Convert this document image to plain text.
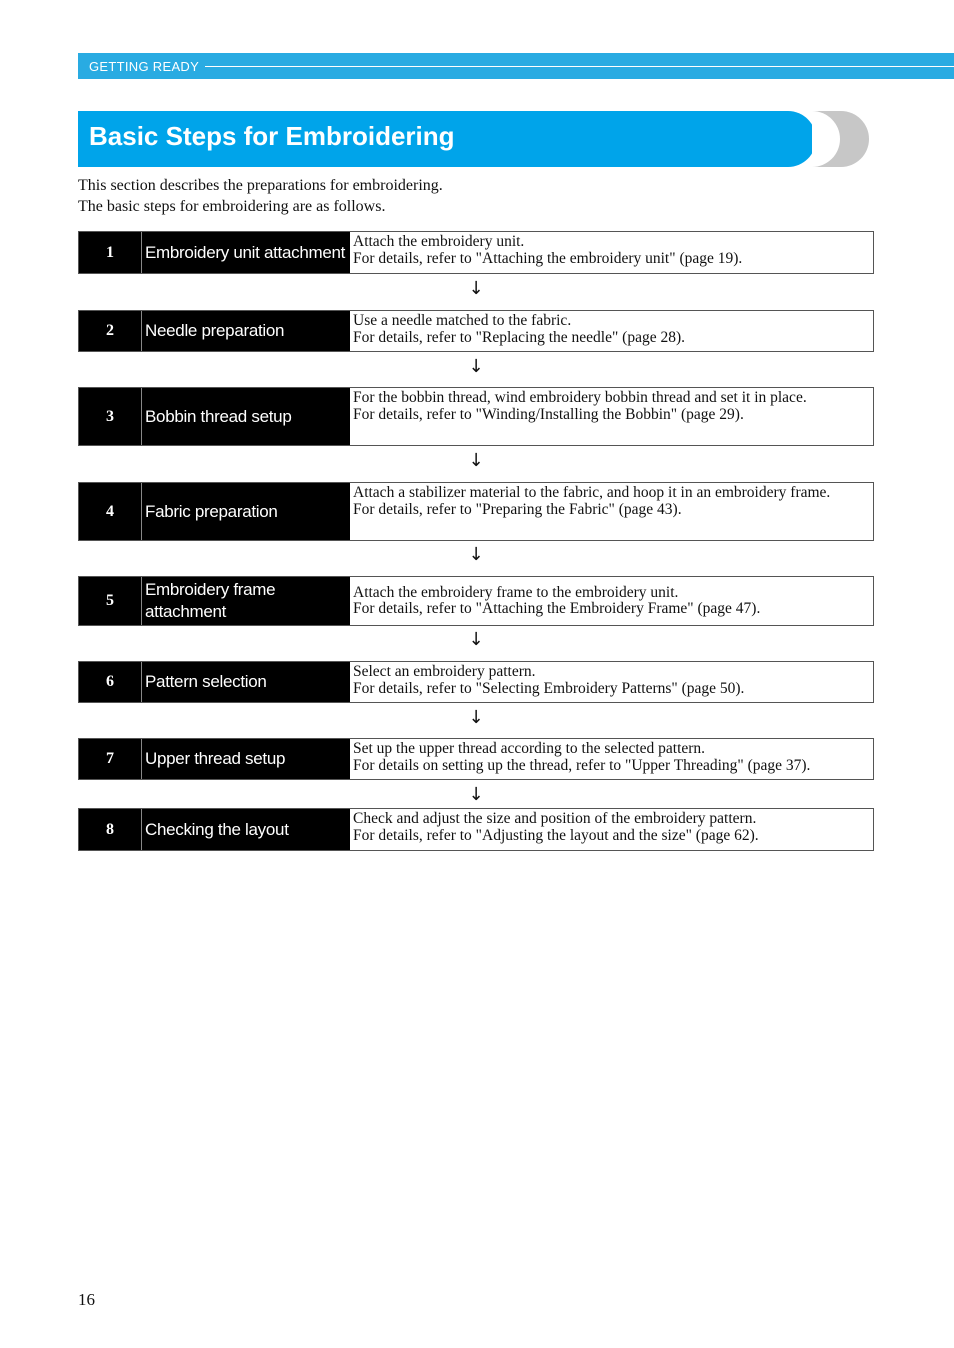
GETTING READY
Basic Steps for Embroidering

This section describes the preparations for embroidering.

The basic steps for embroidering are as follows.

1	Embroidery unit attachment
Attach the embroidery unit.
For details, refer to "Attaching the embroidery unit" (page 19).
↓
2	Needle preparation
Use a needle matched to the fabric.
For details, refer to "Replacing the needle" (page 28).
↓
3	Bobbin thread setup
For the bobbin thread, wind embroidery bobbin thread and set it in place.
For details, refer to "Winding/Installing the Bobbin" (page 29).
↓
4	Fabric preparation
Attach a stabilizer material to the fabric, and hoop it in an embroidery frame.
For details, refer to "Preparing the Fabric" (page 43).
↓
5
Embroidery frame attachment
Attach the embroidery frame to the embroidery unit.
For details, refer to "Attaching the Embroidery Frame" (page 47).
↓
6	Pattern selection
Select an embroidery pattern.
For details, refer to "Selecting Embroidery Patterns" (page 50).
↓
7	Upper thread setup
Set up the upper thread according to the selected pattern.
For details on setting up the thread, refer to "Upper Threading" (page 37).
↓
8	Checking the layout
Check and adjust the size and position of the embroidery pattern.
For details, refer to "Adjusting the layout and the size" (page 62).
16
